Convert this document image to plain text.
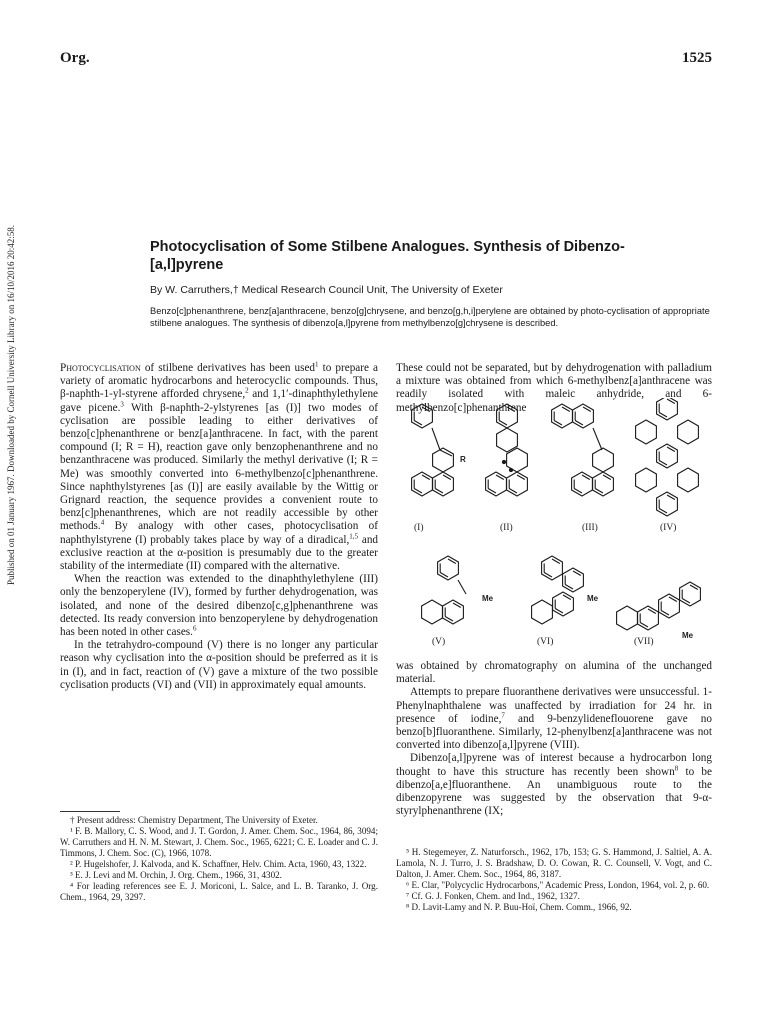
Published on 01 January 1967. Downloaded by Cornell University Library on 16/10/2016 20:42:58.
Org.	1525
Photocyclisation of Some Stilbene Analogues. Synthesis of Dibenzo-
[a,l]pyrene
By W. Carruthers,† Medical Research Council Unit, The University of Exeter
Benzo[c]phenanthrene, benz[a]anthracene, benzo[g]chrysene, and benzo[g,h,i]perylene are obtained by photo-cyclisation of appropriate stilbene analogues. The synthesis of dibenzo[a,l]pyrene from methylbenzo[g]chrysene is described.

Photocyclisation of stilbene derivatives has been used$^1$ to prepare a variety of aromatic hydrocarbons and heterocyclic compounds. Thus, β-naphth-1-yl-styrene afforded chrysene,$^2$ and 1,1′-dinaphthylethylene gave picene.$^3$ With β-naphth-2-ylstyrenes [as (I)] two modes of cyclisation are possible leading to either derivatives of benzo[c]phenanthrene or benz[a]anthracene. In fact, with the parent compound (I; R = H), reaction gave only benzophenanthrene and no benzanthracene was produced. Similarly the methyl derivative (I; R = Me) was smoothly converted into 6-methylbenzo[c]phenanthrene. Since naphthylstyrenes [as (I)] are easily available by the Wittig or Grignard reaction, the sequence provides a convenient route to benz[c]phenanthrenes, which are not readily accessible by other methods.$^4$ By analogy with other cases, photocyclisation of naphthylstyrene (I) probably takes place by way of a diradical,$^{1,5}$ and exclusive reaction at the α-position is presumably due to the greater stability of the intermediate (II) compared with the alternative.

When the reaction was extended to the dinaphthylethylene (III) only the benzoperylene (IV), formed by further dehydrogenation, was isolated, and none of the desired dibenzo[c,g]phenanthrene was detected. Its ready conversion into benzoperylene by dehydrogenation has been noted in other cases.$^6$

In the tetrahydro-compound (V) there is no longer any particular reason why cyclisation into the α-position should be preferred as it is in (I), and in fact, reaction of (V) gave a mixture of the two possible cyclisation products (VI) and (VII) in approximately equal amounts.

These could not be separated, but by dehydrogenation with palladium a mixture was obtained from which 6-methylbenz[a]anthracene was readily isolated with maleic anhydride, and 6-methylbenzo[c]phenanthrene

R
(I)	(II)	(III)	(IV)
Me	Me
Me
(V)	(VI)	(VII)

was obtained by chromatography on alumina of the unchanged material.

Attempts to prepare fluoranthene derivatives were unsuccessful. 1-Phenylnaphthalene was unaffected by irradiation for 24 hr. in presence of iodine,$^7$ and 9-benzylideneflouorene gave no benzo[b]fluoranthene. Similarly, 12-phenylbenz[a]anthracene was not converted into dibenzo[a,l]pyrene (VIII).

Dibenzo[a,l]pyrene was of interest because a hydrocarbon long thought to have this structure has recently been shown$^8$ to be dibenzo[a,e]fluoranthene. An unambiguous route to the dibenzopyrene was suggested by the observation that 9-α-styrylphenanthrene (IX;

† Present address: Chemistry Department, The University of Exeter.

¹ F. B. Mallory, C. S. Wood, and J. T. Gordon, J. Amer. Chem. Soc., 1964, 86, 3094; W. Carruthers and H. N. M. Stewart, J. Chem. Soc., 1965, 6221; C. E. Loader and C. J. Timmons, J. Chem. Soc. (C), 1966, 1078.

² P. Hugelshofer, J. Kalvoda, and K. Schaffner, Helv. Chim. Acta, 1960, 43, 1322.

³ E. J. Levi and M. Orchin, J. Org. Chem., 1966, 31, 4302.

⁴ For leading references see E. J. Moriconi, L. Salce, and L. B. Taranko, J. Org. Chem., 1964, 29, 3297.

⁵ H. Stegemeyer, Z. Naturforsch., 1962, 17b, 153; G. S. Hammond, J. Saltiel, A. A. Lamola, N. J. Turro, J. S. Bradshaw, D. O. Cowan, R. C. Counsell, V. Vogt, and C. Dalton, J. Amer. Chem. Soc., 1964, 86, 3187.

⁶ E. Clar, "Polycyclic Hydrocarbons," Academic Press, London, 1964, vol. 2, p. 60.

⁷ Cf. G. J. Fonken, Chem. and Ind., 1962, 1327.

⁸ D. Lavit-Lamy and N. P. Buu-Hoï, Chem. Comm., 1966, 92.
